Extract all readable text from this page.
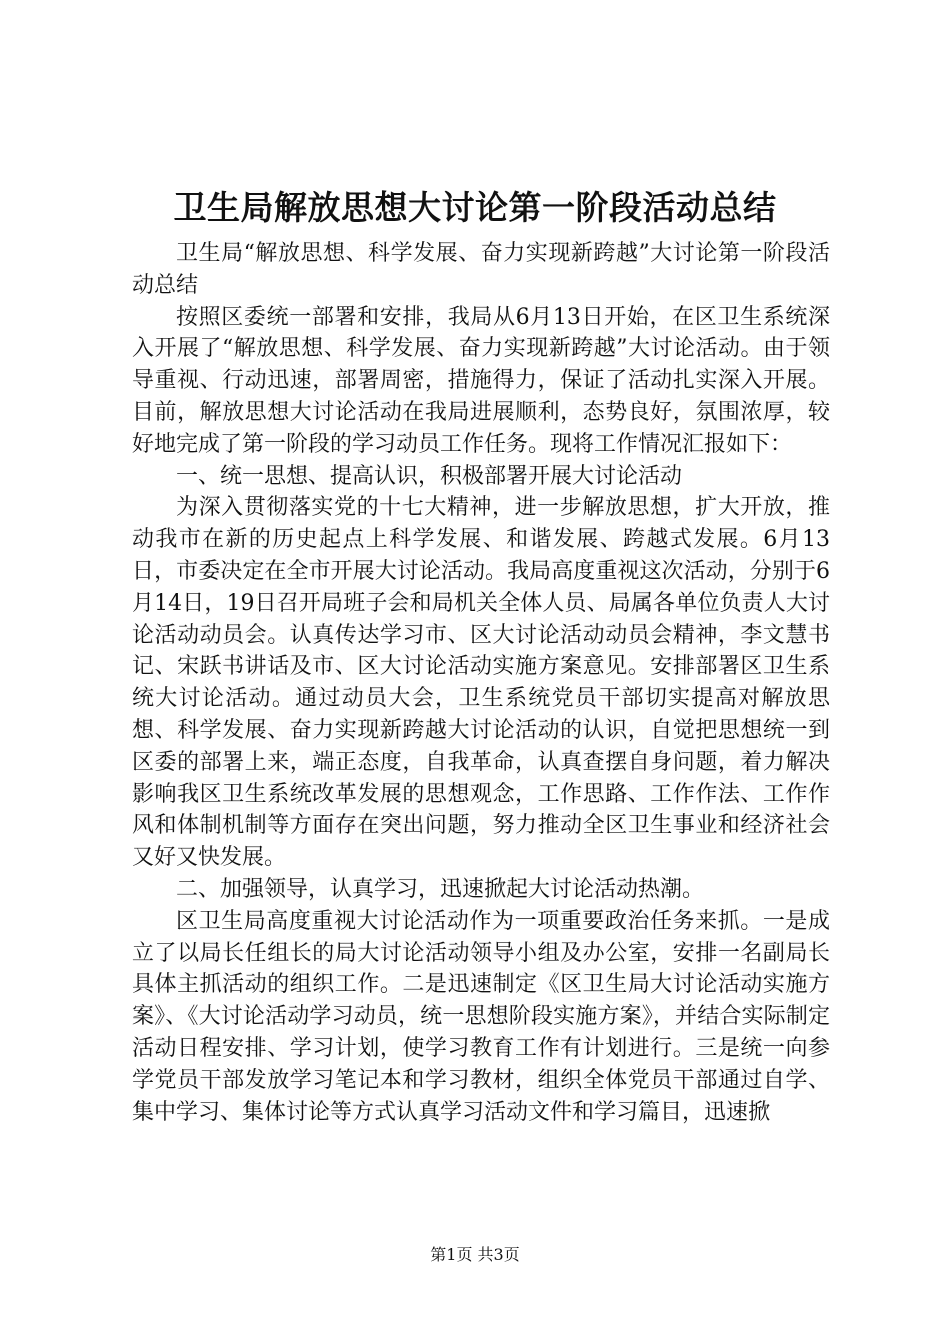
卫生局解放思想大讨论第一阶段活动总结

卫生局“解放思想、科学发展、奋力实现新跨越”大讨论第一阶段活动总结

按照区委统一部署和安排，我局从6月13日开始，在区卫生系统深入开展了“解放思想、科学发展、奋力实现新跨越”大讨论活动。由于领导重视、行动迅速，部署周密，措施得力，保证了活动扎实深入开展。目前，解放思想大讨论活动在我局进展顺利，态势良好，氛围浓厚，较好地完成了第一阶段的学习动员工作任务。现将工作情况汇报如下：

一、统一思想、提高认识，积极部署开展大讨论活动

为深入贯彻落实党的十七大精神，进一步解放思想，扩大开放，推动我市在新的历史起点上科学发展、和谐发展、跨越式发展。6月13日，市委决定在全市开展大讨论活动。我局高度重视这次活动，分别于6月14日，19日召开局班子会和局机关全体人员、局属各单位负责人大讨论活动动员会。认真传达学习市、区大讨论活动动员会精神，李文慧书记、宋跃书讲话及市、区大讨论活动实施方案意见。安排部署区卫生系统大讨论活动。通过动员大会，卫生系统党员干部切实提高对解放思想、科学发展、奋力实现新跨越大讨论活动的认识，自觉把思想统一到区委的部署上来，端正态度，自我革命，认真查摆自身问题，着力解决影响我区卫生系统改革发展的思想观念，工作思路、工作作法、工作作风和体制机制等方面存在突出问题，努力推动全区卫生事业和经济社会又好又快发展。

二、加强领导，认真学习，迅速掀起大讨论活动热潮。

区卫生局高度重视大讨论活动作为一项重要政治任务来抓。一是成立了以局长任组长的局大讨论活动领导小组及办公室，安排一名副局长具体主抓活动的组织工作。二是迅速制定《区卫生局大讨论活动实施方案》、《大讨论活动学习动员，统一思想阶段实施方案》，并结合实际制定活动日程安排、学习计划，使学习教育工作有计划进行。三是统一向参学党员干部发放学习笔记本和学习教材，组织全体党员干部通过自学、集中学习、集体讨论等方式认真学习活动文件和学习篇目，迅速掀

第1页 共3页
